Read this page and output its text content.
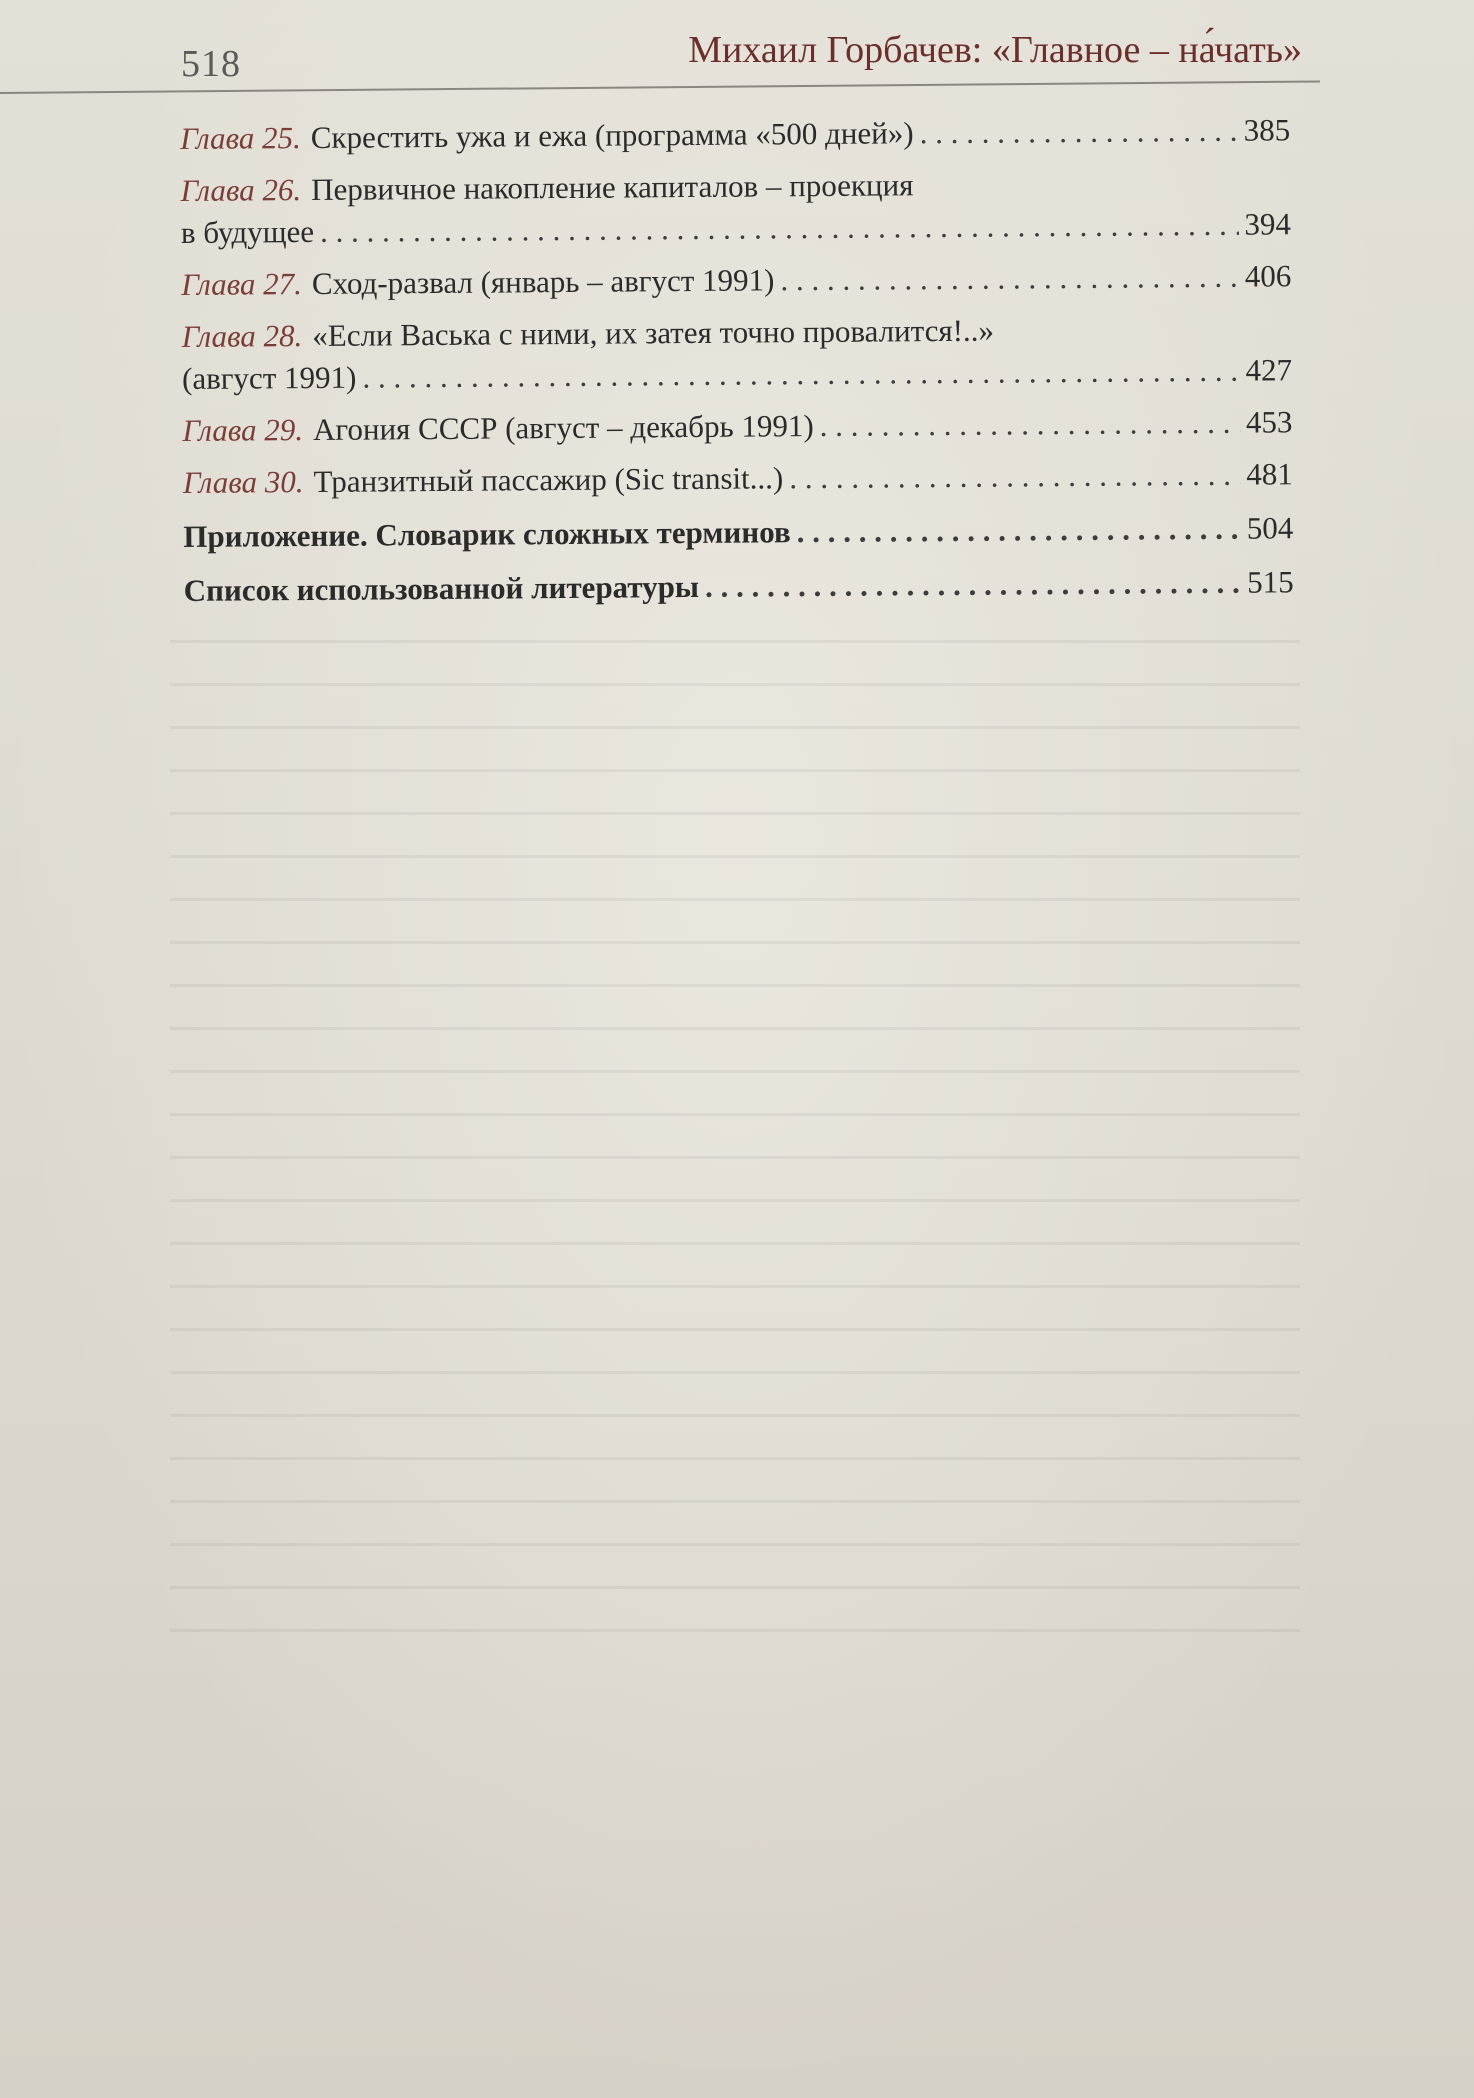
518	Михаил Горбачев: «Главное – на́чать»
Глава 25. Скрестить ужа и ежа (программа «500 дней») . . .	385
Глава 26. Первичное накопление капиталов – проекция
в будущее . . .	394
Глава 27. Сход-развал (январь – август 1991) . . .	406
Глава 28. «Если Васька с ними, их затея точно провалится!..»
(август 1991) . . .	427
Глава 29. Агония СССР (август – декабрь 1991) . . .	453
Глава 30. Транзитный пассажир (Sic transit...) . . .	481
Приложение. Словарик сложных терминов . . .	504
Список использованной литературы . . .	515
